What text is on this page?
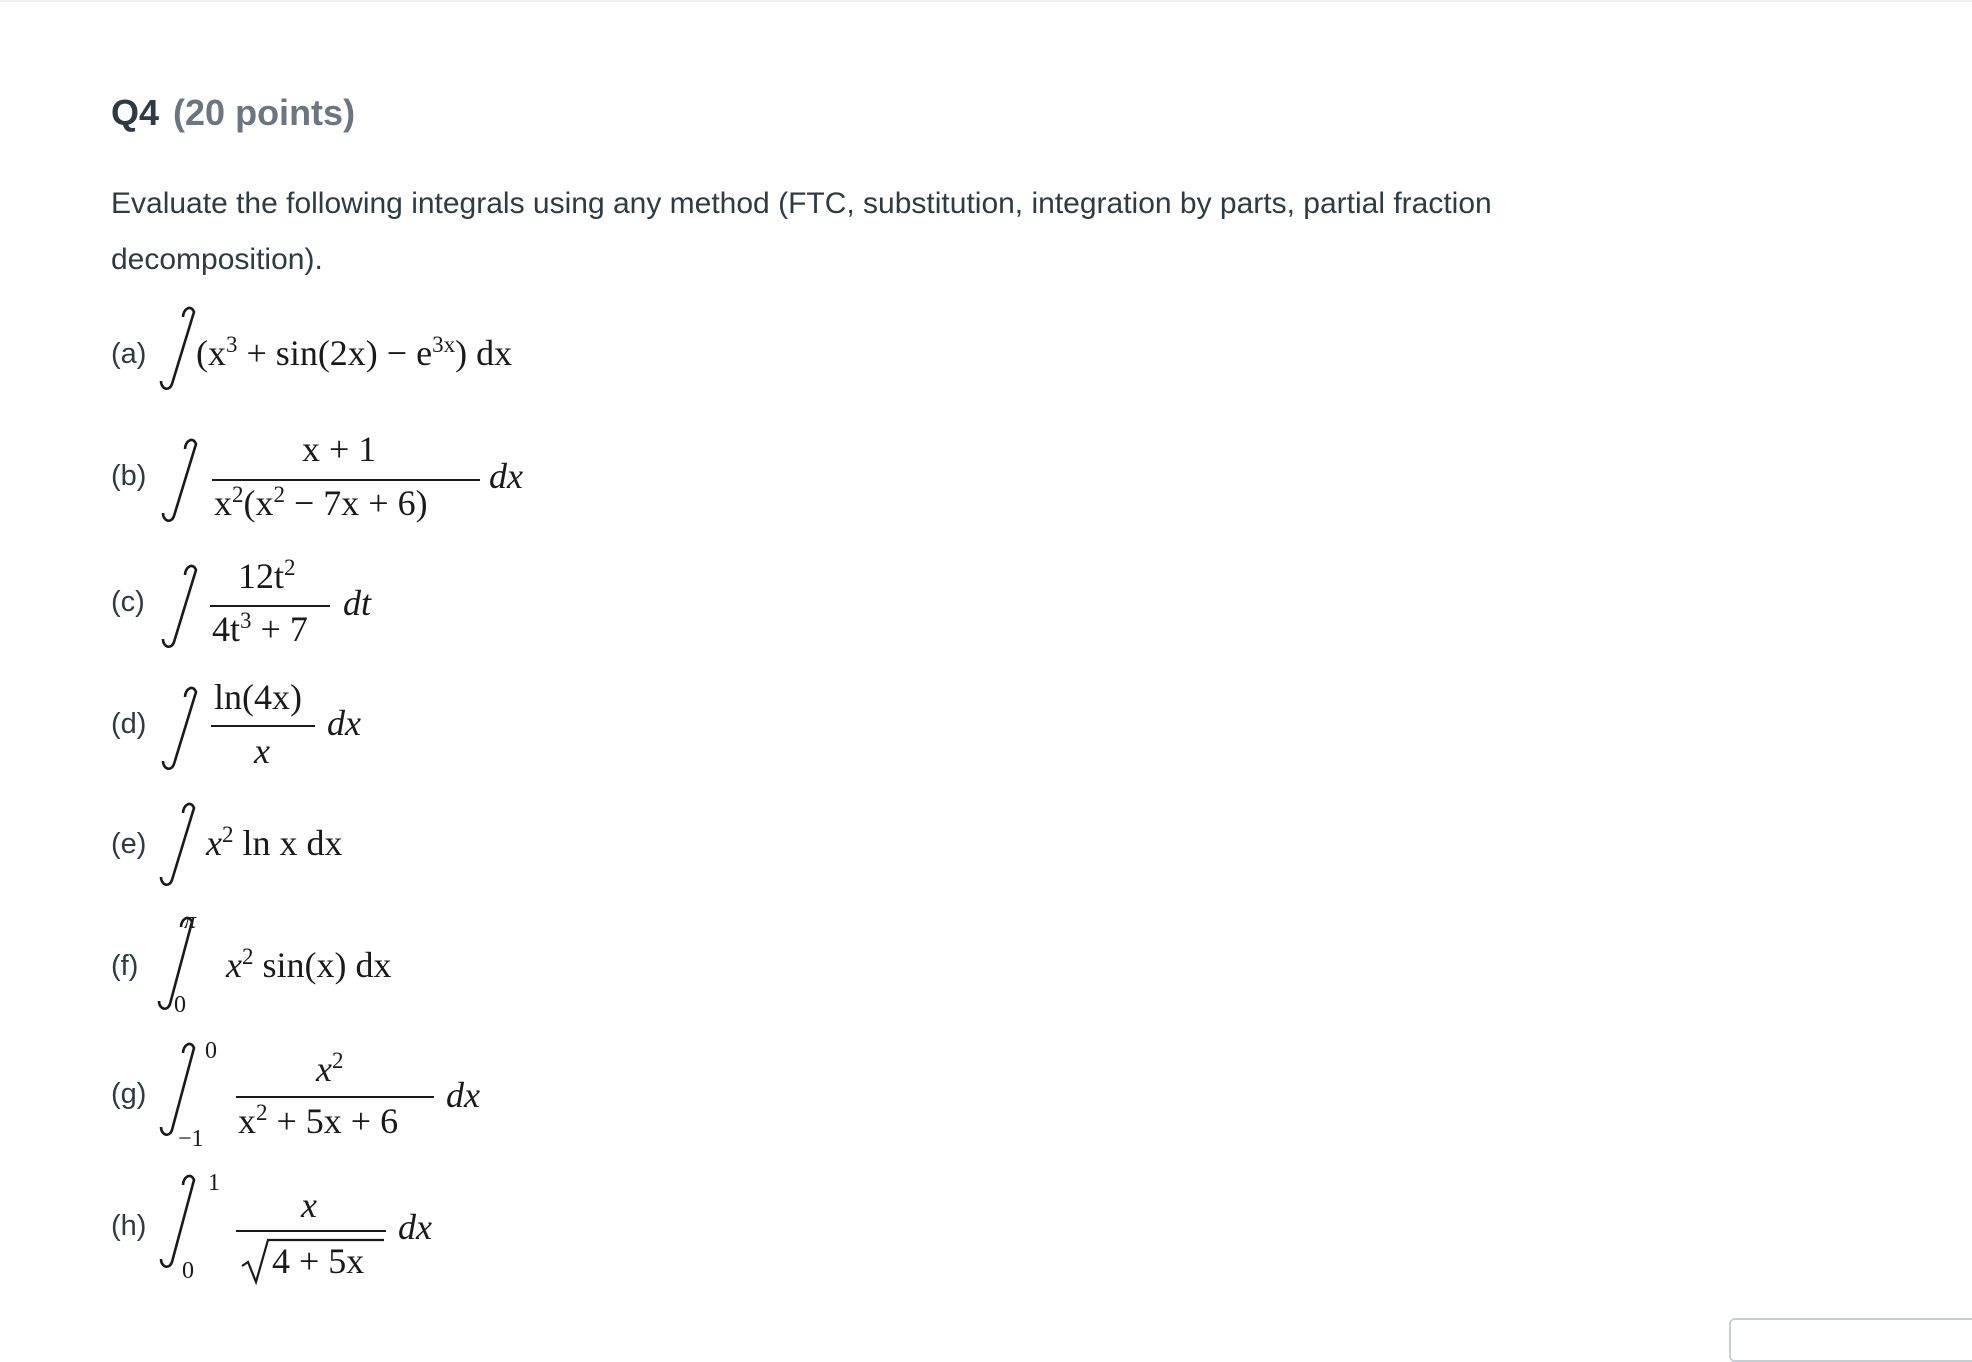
Q4 (20 points)
Evaluate the following integrals using any method (FTC, substitution, integration by parts, partial fraction decomposition).
(a) $(x^3 + \sin(2x) - e^{3x})$ dx
(b)
x + 1
$x^2(x^2 - 7x + 6)$
dx
(c)
$12t^2$
$4t^3 + 7$
dt
(d)
ln(4x)
x
dx
(e) $x^2$ ln x dx
(f)
π
0
$x^2$ sin(x) dx
(g)
0
−1
$x^2$
$x^2 + 5x + 6$
dx
(h)
1
0
x
4 + 5x
dx
